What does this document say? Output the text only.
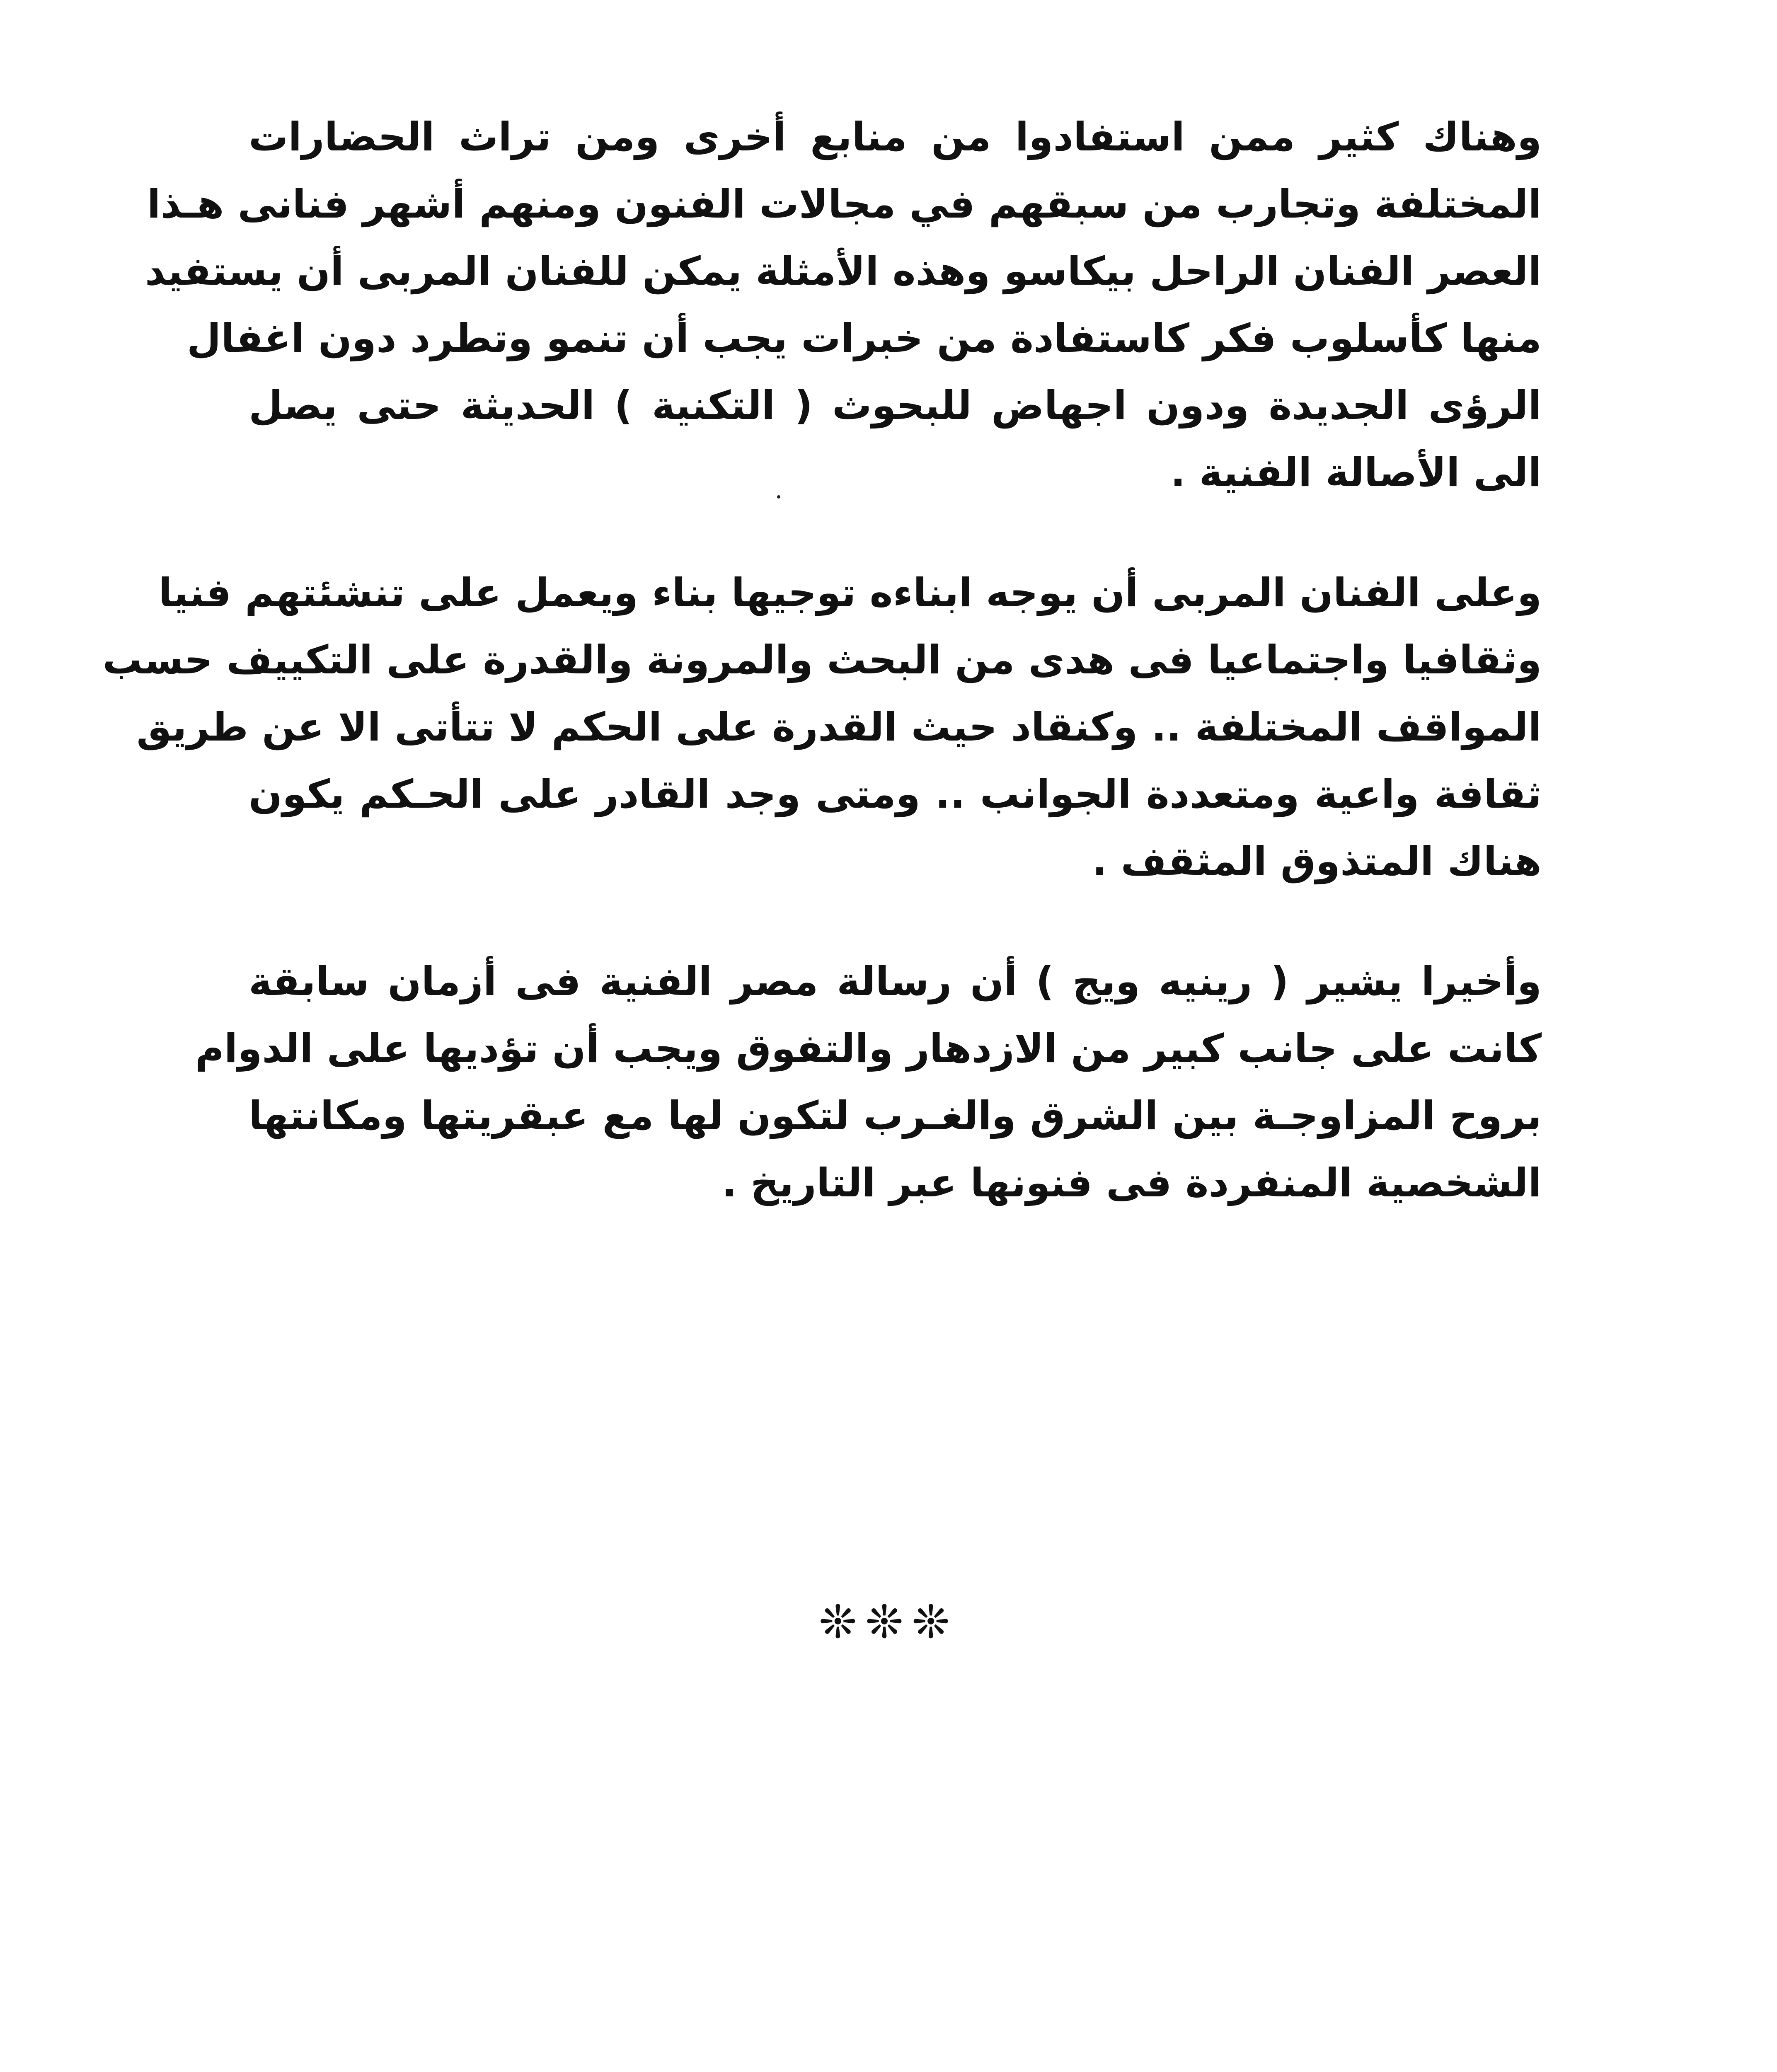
وهناك كثير ممن استفادوا من منابع أخرى ومن تراث الحضارات
المختلفة وتجارب من سبقهم في مجالات الفنون ومنهم أشهر فنانى هـذا
العصر الفنان الراحل بيكاسو وهذه الأمثلة يمكن للفنان المربى أن يستفيد
منها كأسلوب فكر كاستفادة من خبرات يجب أن تنمو وتطرد دون اغفال
الرؤى الجديدة ودون اجهاض للبحوث ( التكنية ) الحديثة حتى يصل
الى الأصالة الفنية .

وعلى الفنان المربى أن يوجه ابناءه توجيها بناء ويعمل على تنشئتهم فنيا
وثقافيا واجتماعيا فى هدى من البحث والمرونة والقدرة على التكييف حسب
المواقف المختلفة .. وكنقاد حيث القدرة على الحكم لا تتأتى الا عن طريق
ثقافة واعية ومتعددة الجوانب .. ومتى وجد القادر على الحـكم يكون
هناك المتذوق المثقف .

وأخيرا يشير ( رينيه ويج ) أن رسالة مصر الفنية فى أزمان سابقة
كانت على جانب كبير من الازدهار والتفوق ويجب أن تؤديها على الدوام
بروح المزاوجـة بين الشرق والغـرب لتكون لها مع عبقريتها ومكانتها
الشخصية المنفردة فى فنونها عبر التاريخ .

❊❊❊
